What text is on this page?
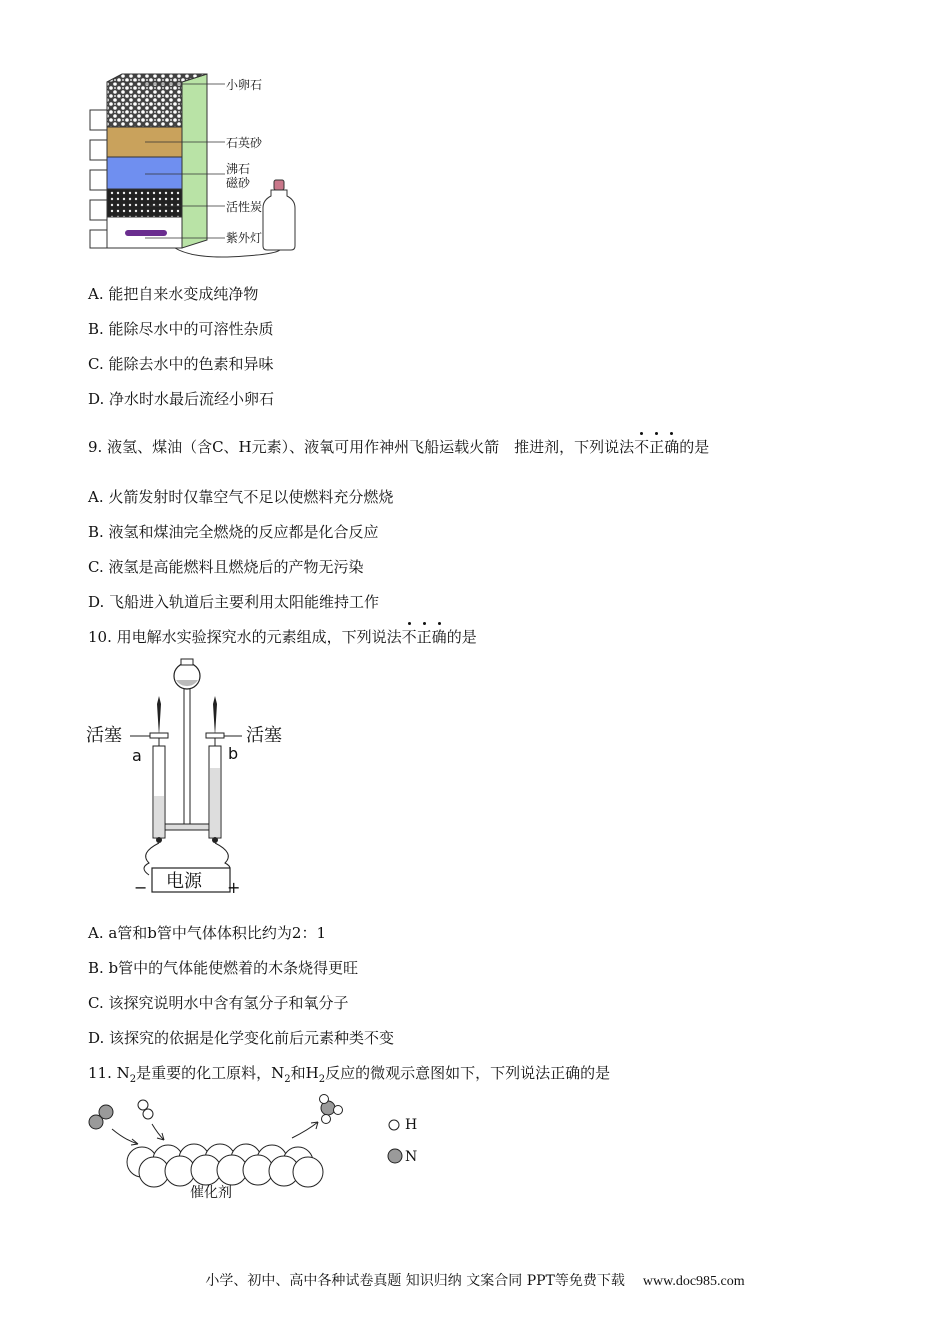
小卵石
石英砂
沸石
磁砂
活性炭
紫外灯
A. 能把自来水变成纯净物
B. 能除尽水中的可溶性杂质
C. 能除去水中的色素和异味
D. 净水时水最后流经小卵石
9. 液氢、煤油（含C、H元素）、液氧可用作神州飞船运载火箭　推进剂，下列说法不正确的是
A. 火箭发射时仅靠空气不足以使燃料充分燃烧
B. 液氢和煤油完全燃烧的反应都是化合反应
C. 液氢是高能燃料且燃烧后的产物无污染
D. 飞船进入轨道后主要利用太阳能维持工作
10. 用电解水实验探究水的元素组成，下列说法不正确的是
活塞	活塞
a	b
电源
−	+
A. a管和b管中气体体积比约为2：1
B. b管中的气体能使燃着的木条烧得更旺
C. 该探究说明水中含有氢分子和氧分子
D. 该探究的依据是化学变化前后元素种类不变
11. $N_2$是重要的化工原料，$N_2$和$H_2$反应的微观示意图如下，下列说法正确的是
H
N
催化剂
小学、初中、高中各种试卷真题 知识归纳 文案合同 PPT等免费下载 www.doc985.com
